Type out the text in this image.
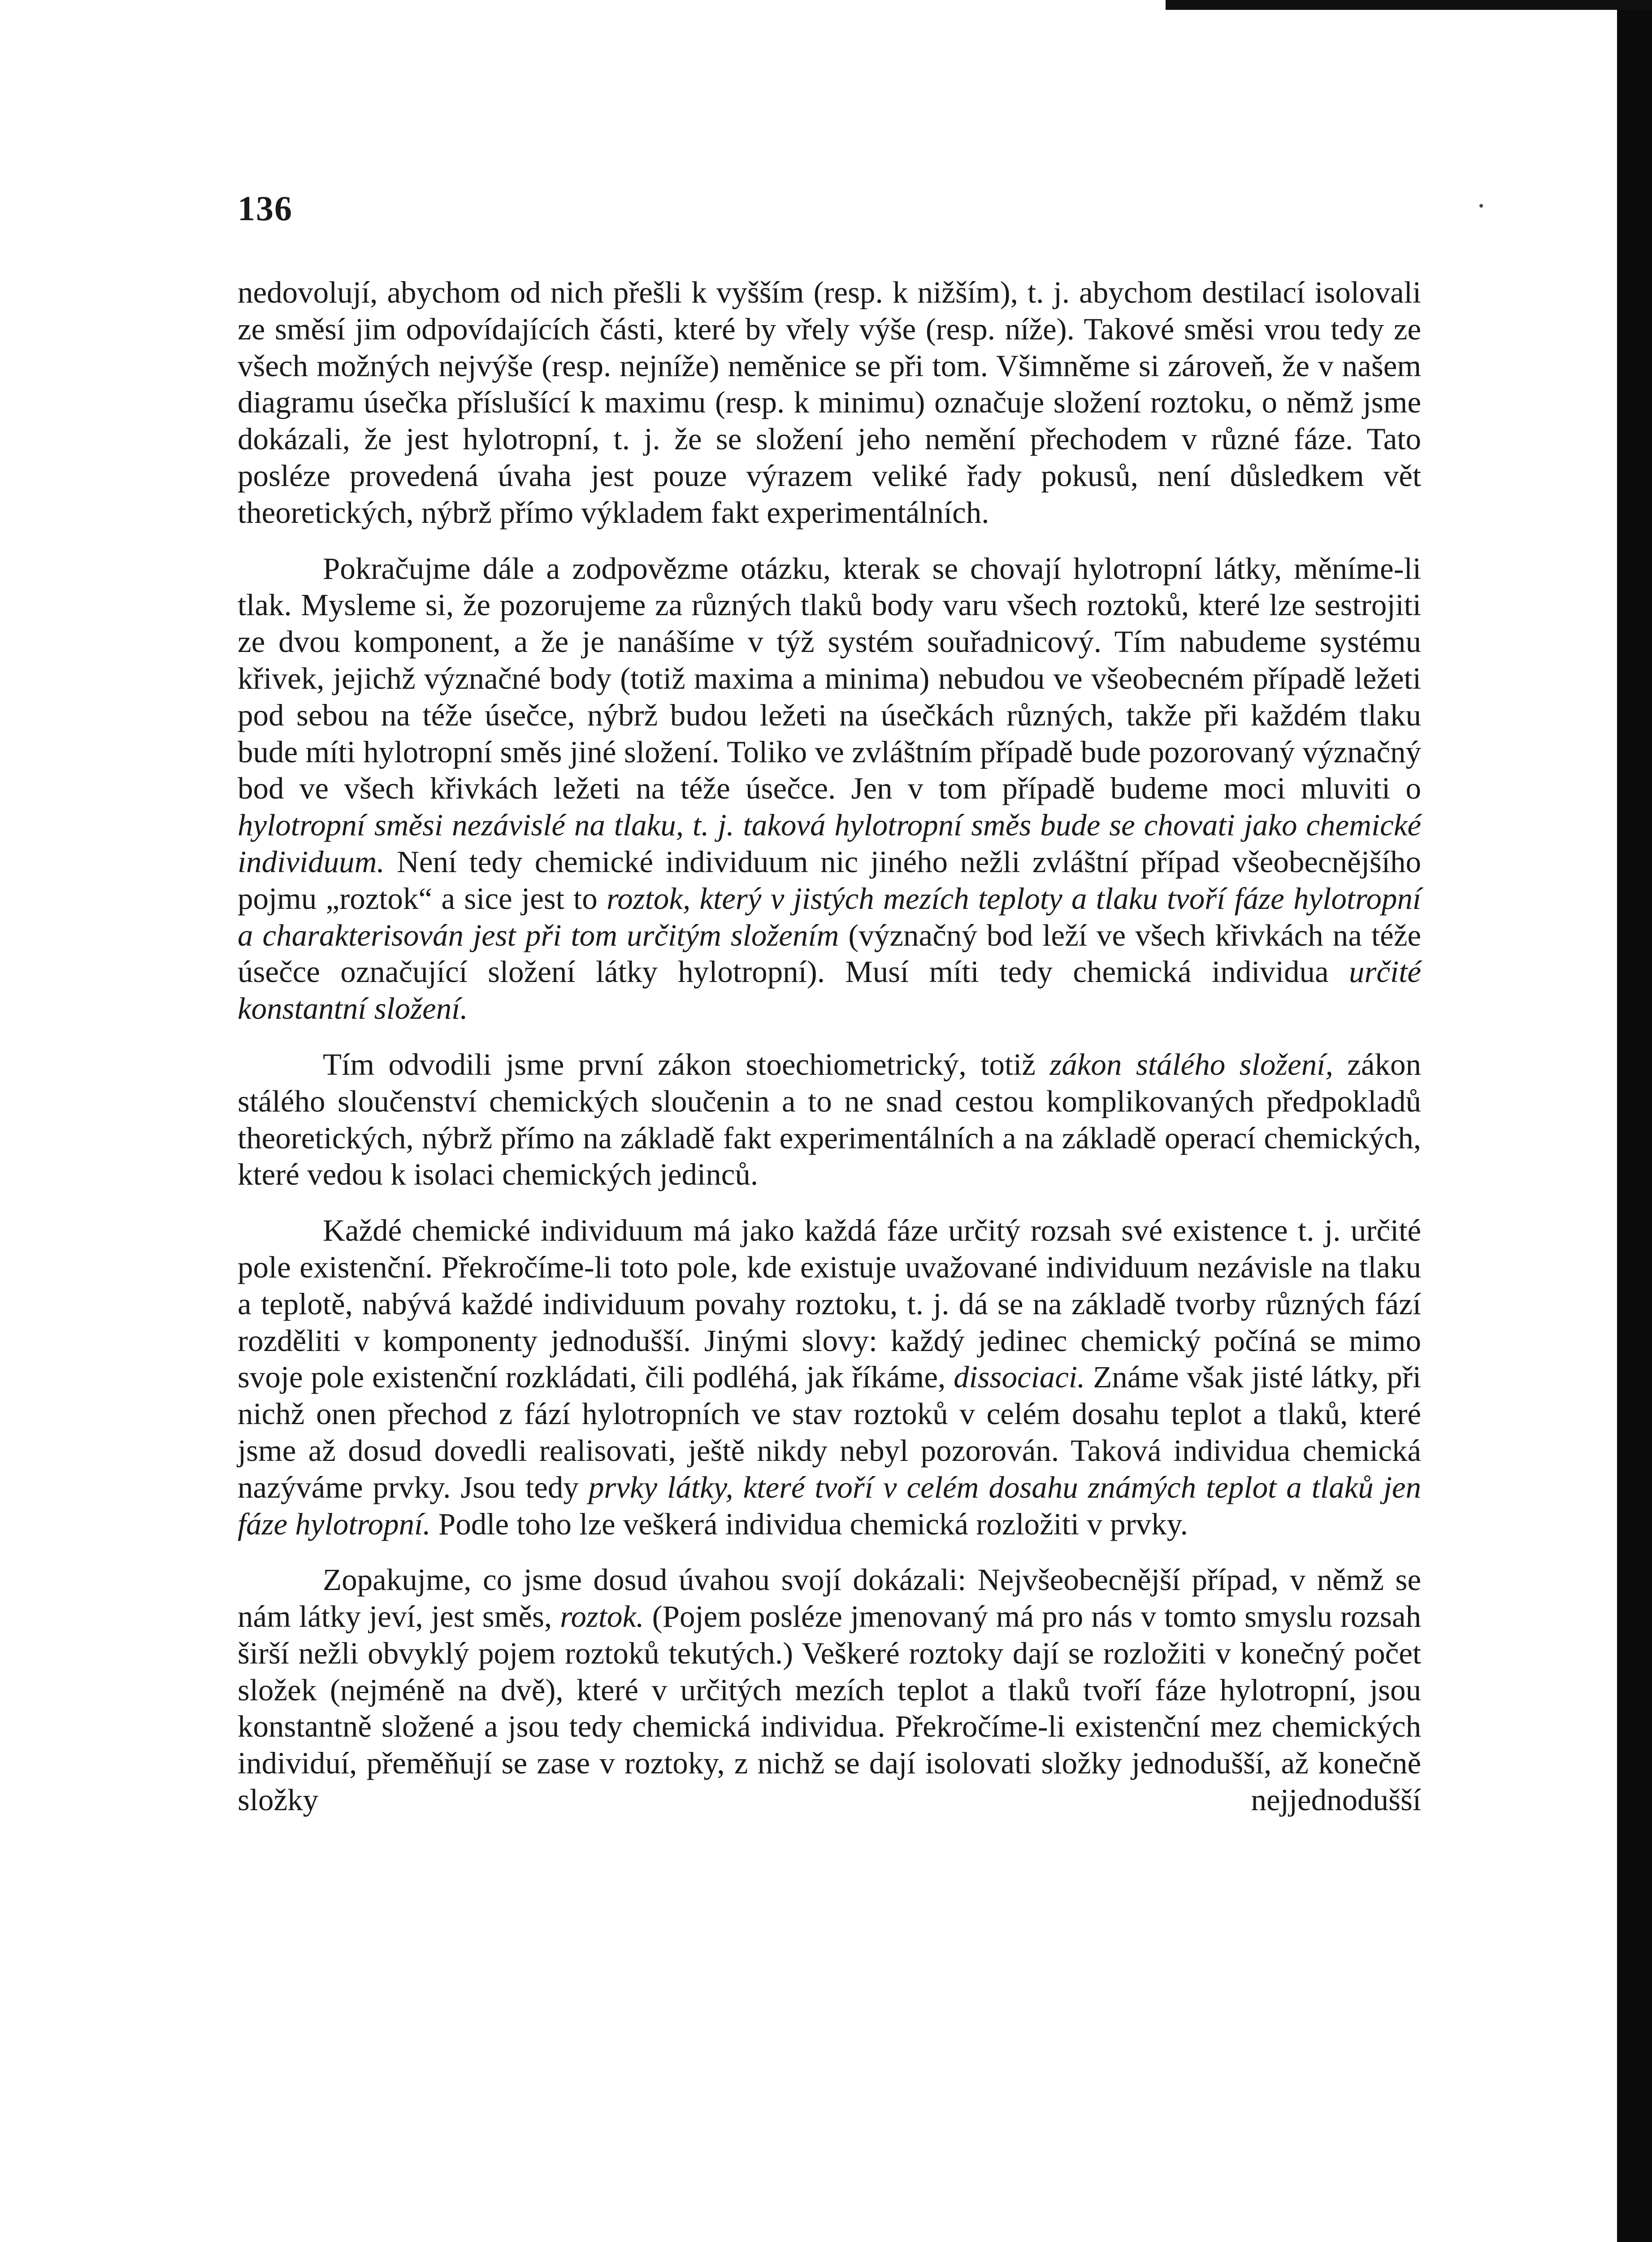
136

nedovolují, abychom od nich přešli k vyšším (resp. k nižším), t. j. abychom destilací isolovali ze směsí jim odpovídajících části, které by vřely výše (resp. níže). Takové směsi vrou tedy ze všech možných nejvýše (resp. nejníže) neměnice se při tom. Všimněme si zároveň, že v našem diagramu úsečka příslušící k maximu (resp. k minimu) označuje složení roztoku, o němž jsme dokázali, že jest hylotropní, t. j. že se složení jeho nemění přechodem v různé fáze. Tato posléze provedená úvaha jest pouze výrazem veliké řady pokusů, není důsledkem vět theoretických, nýbrž přímo výkladem fakt experimentálních.

Pokračujme dále a zodpovězme otázku, kterak se chovají hylotropní látky, měníme-li tlak. Mysleme si, že pozorujeme za různých tlaků body varu všech roztoků, které lze sestrojiti ze dvou komponent, a že je nanášíme v týž systém souřadnicový. Tím nabudeme systému křivek, jejichž význačné body (totiž maxima a minima) nebudou ve všeobecném případě ležeti pod sebou na téže úsečce, nýbrž budou ležeti na úsečkách různých, takže při každém tlaku bude míti hylotropní směs jiné složení. Toliko ve zvláštním případě bude pozorovaný význačný bod ve všech křivkách ležeti na téže úsečce. Jen v tom případě budeme moci mluviti o hylotropní směsi nezávislé na tlaku, t. j. taková hylotropní směs bude se chovati jako chemické individuum. Není tedy chemické individuum nic jiného nežli zvláštní případ všeobecnějšího pojmu „roztok“ a sice jest to roztok, který v jistých mezích teploty a tlaku tvoří fáze hylotropní a charakterisován jest při tom určitým složením (význačný bod leží ve všech křivkách na téže úsečce označující složení látky hylotropní). Musí míti tedy chemická individua určité konstantní složení.

Tím odvodili jsme první zákon stoechiometrický, totiž zákon stálého složení, zákon stálého sloučenství chemických sloučenin a to ne snad cestou komplikovaných předpokladů theoretických, nýbrž přímo na základě fakt experimentálních a na základě operací chemických, které vedou k isolaci chemických jedinců.

Každé chemické individuum má jako každá fáze určitý rozsah své existence t. j. určité pole existenční. Překročíme-li toto pole, kde existuje uvažované individuum nezávisle na tlaku a teplotě, nabývá každé individuum povahy roztoku, t. j. dá se na základě tvorby různých fází rozděliti v komponenty jednodušší. Jinými slovy: každý jedinec chemický počíná se mimo svoje pole existenční rozkládati, čili podléhá, jak říkáme, dissociaci. Známe však jisté látky, při nichž onen přechod z fází hylotropních ve stav roztoků v celém dosahu teplot a tlaků, které jsme až dosud dovedli realisovati, ještě nikdy nebyl pozorován. Taková individua chemická nazýváme prvky. Jsou tedy prvky látky, které tvoří v celém dosahu známých teplot a tlaků jen fáze hylotropní. Podle toho lze veškerá individua chemická rozložiti v prvky.

Zopakujme, co jsme dosud úvahou svojí dokázali: Nejvšeobecnější případ, v němž se nám látky jeví, jest směs, roztok. (Pojem posléze jmenovaný má pro nás v tomto smyslu rozsah širší nežli obvyklý pojem roztoků tekutých.) Veškeré roztoky dají se rozložiti v konečný počet složek (nejméně na dvě), které v určitých mezích teplot a tlaků tvoří fáze hylotropní, jsou konstantně složené a jsou tedy chemická individua. Překročíme-li existenční mez chemických individuí, přeměňují se zase v roztoky, z nichž se dají isolovati složky jednodušší, až konečně složky nejjednodušší
